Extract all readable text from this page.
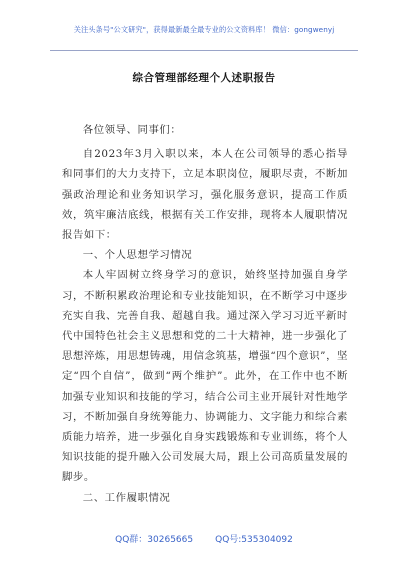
关注头条号"公文研究"，获得最新最全最专业的公文资料库！ 微信：gongwenyj
综合管理部经理个人述职报告

各位领导、同事们：

自2023年3月入职以来，本人在公司领导的悉心指导和同事们的大力支持下，立足本职岗位，履职尽责，不断加强政治理论和业务知识学习，强化服务意识，提高工作质效，筑牢廉洁底线，根据有关工作安排，现将本人履职情况报告如下：

一、个人思想学习情况

本人牢固树立终身学习的意识，始终坚持加强自身学习，不断积累政治理论和专业技能知识，在不断学习中逐步充实自我、完善自我、超越自我。通过深入学习习近平新时代中国特色社会主义思想和党的二十大精神，进一步强化了思想淬炼，用思想铸魂，用信念筑基，增强“四个意识”，坚定“四个自信”，做到“两个维护”。此外，在工作中也不断加强专业知识和技能的学习，结合公司主业开展针对性地学习，不断加强自身统筹能力、协调能力、文字能力和综合素质能力培养，进一步强化自身实践锻炼和专业训练，将个人知识技能的提升融入公司发展大局，跟上公司高质量发展的脚步。

二、工作履职情况

QQ群：30265665 QQ号:535304092
